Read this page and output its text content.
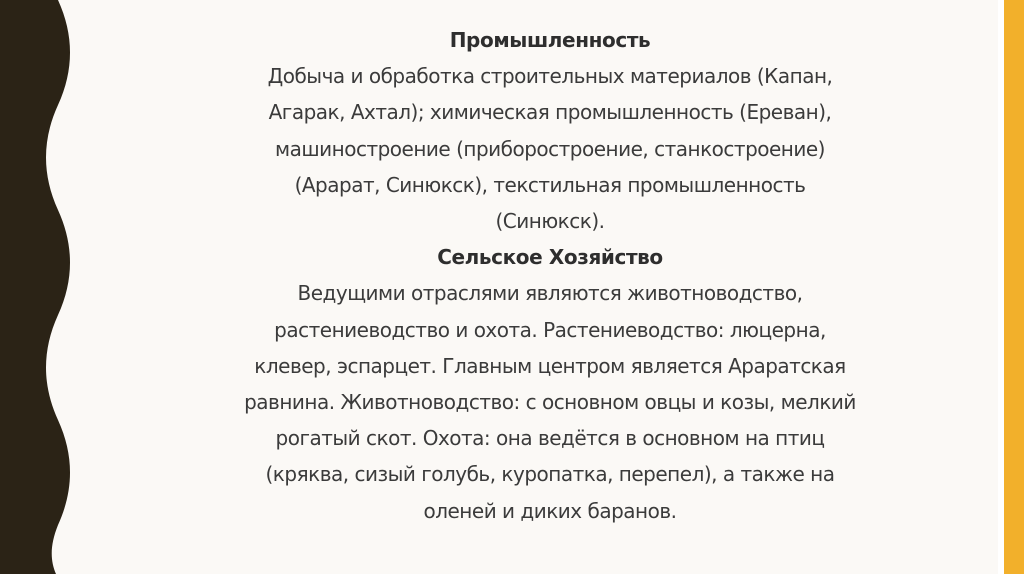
Промышленность
Добыча и обработка строительных материалов (Капан,
Агарак, Ахтал); химическая промышленность (Ереван),
машиностроение (приборостроение, станкостроение)
(Арарат, Синюкск), текстильная промышленность
(Синюкск).
Сельское Хозяйство
Ведущими отраслями являются животноводство,
растениеводство и охота. Растениеводство: люцерна,
клевер, эспарцет. Главным центром является Араратская
равнина. Животноводство: с основном овцы и козы, мелкий
рогатый скот. Охота: она ведётся в основном на птиц
(кряква, сизый голубь, куропатка, перепел), а также на
оленей и диких баранов.
